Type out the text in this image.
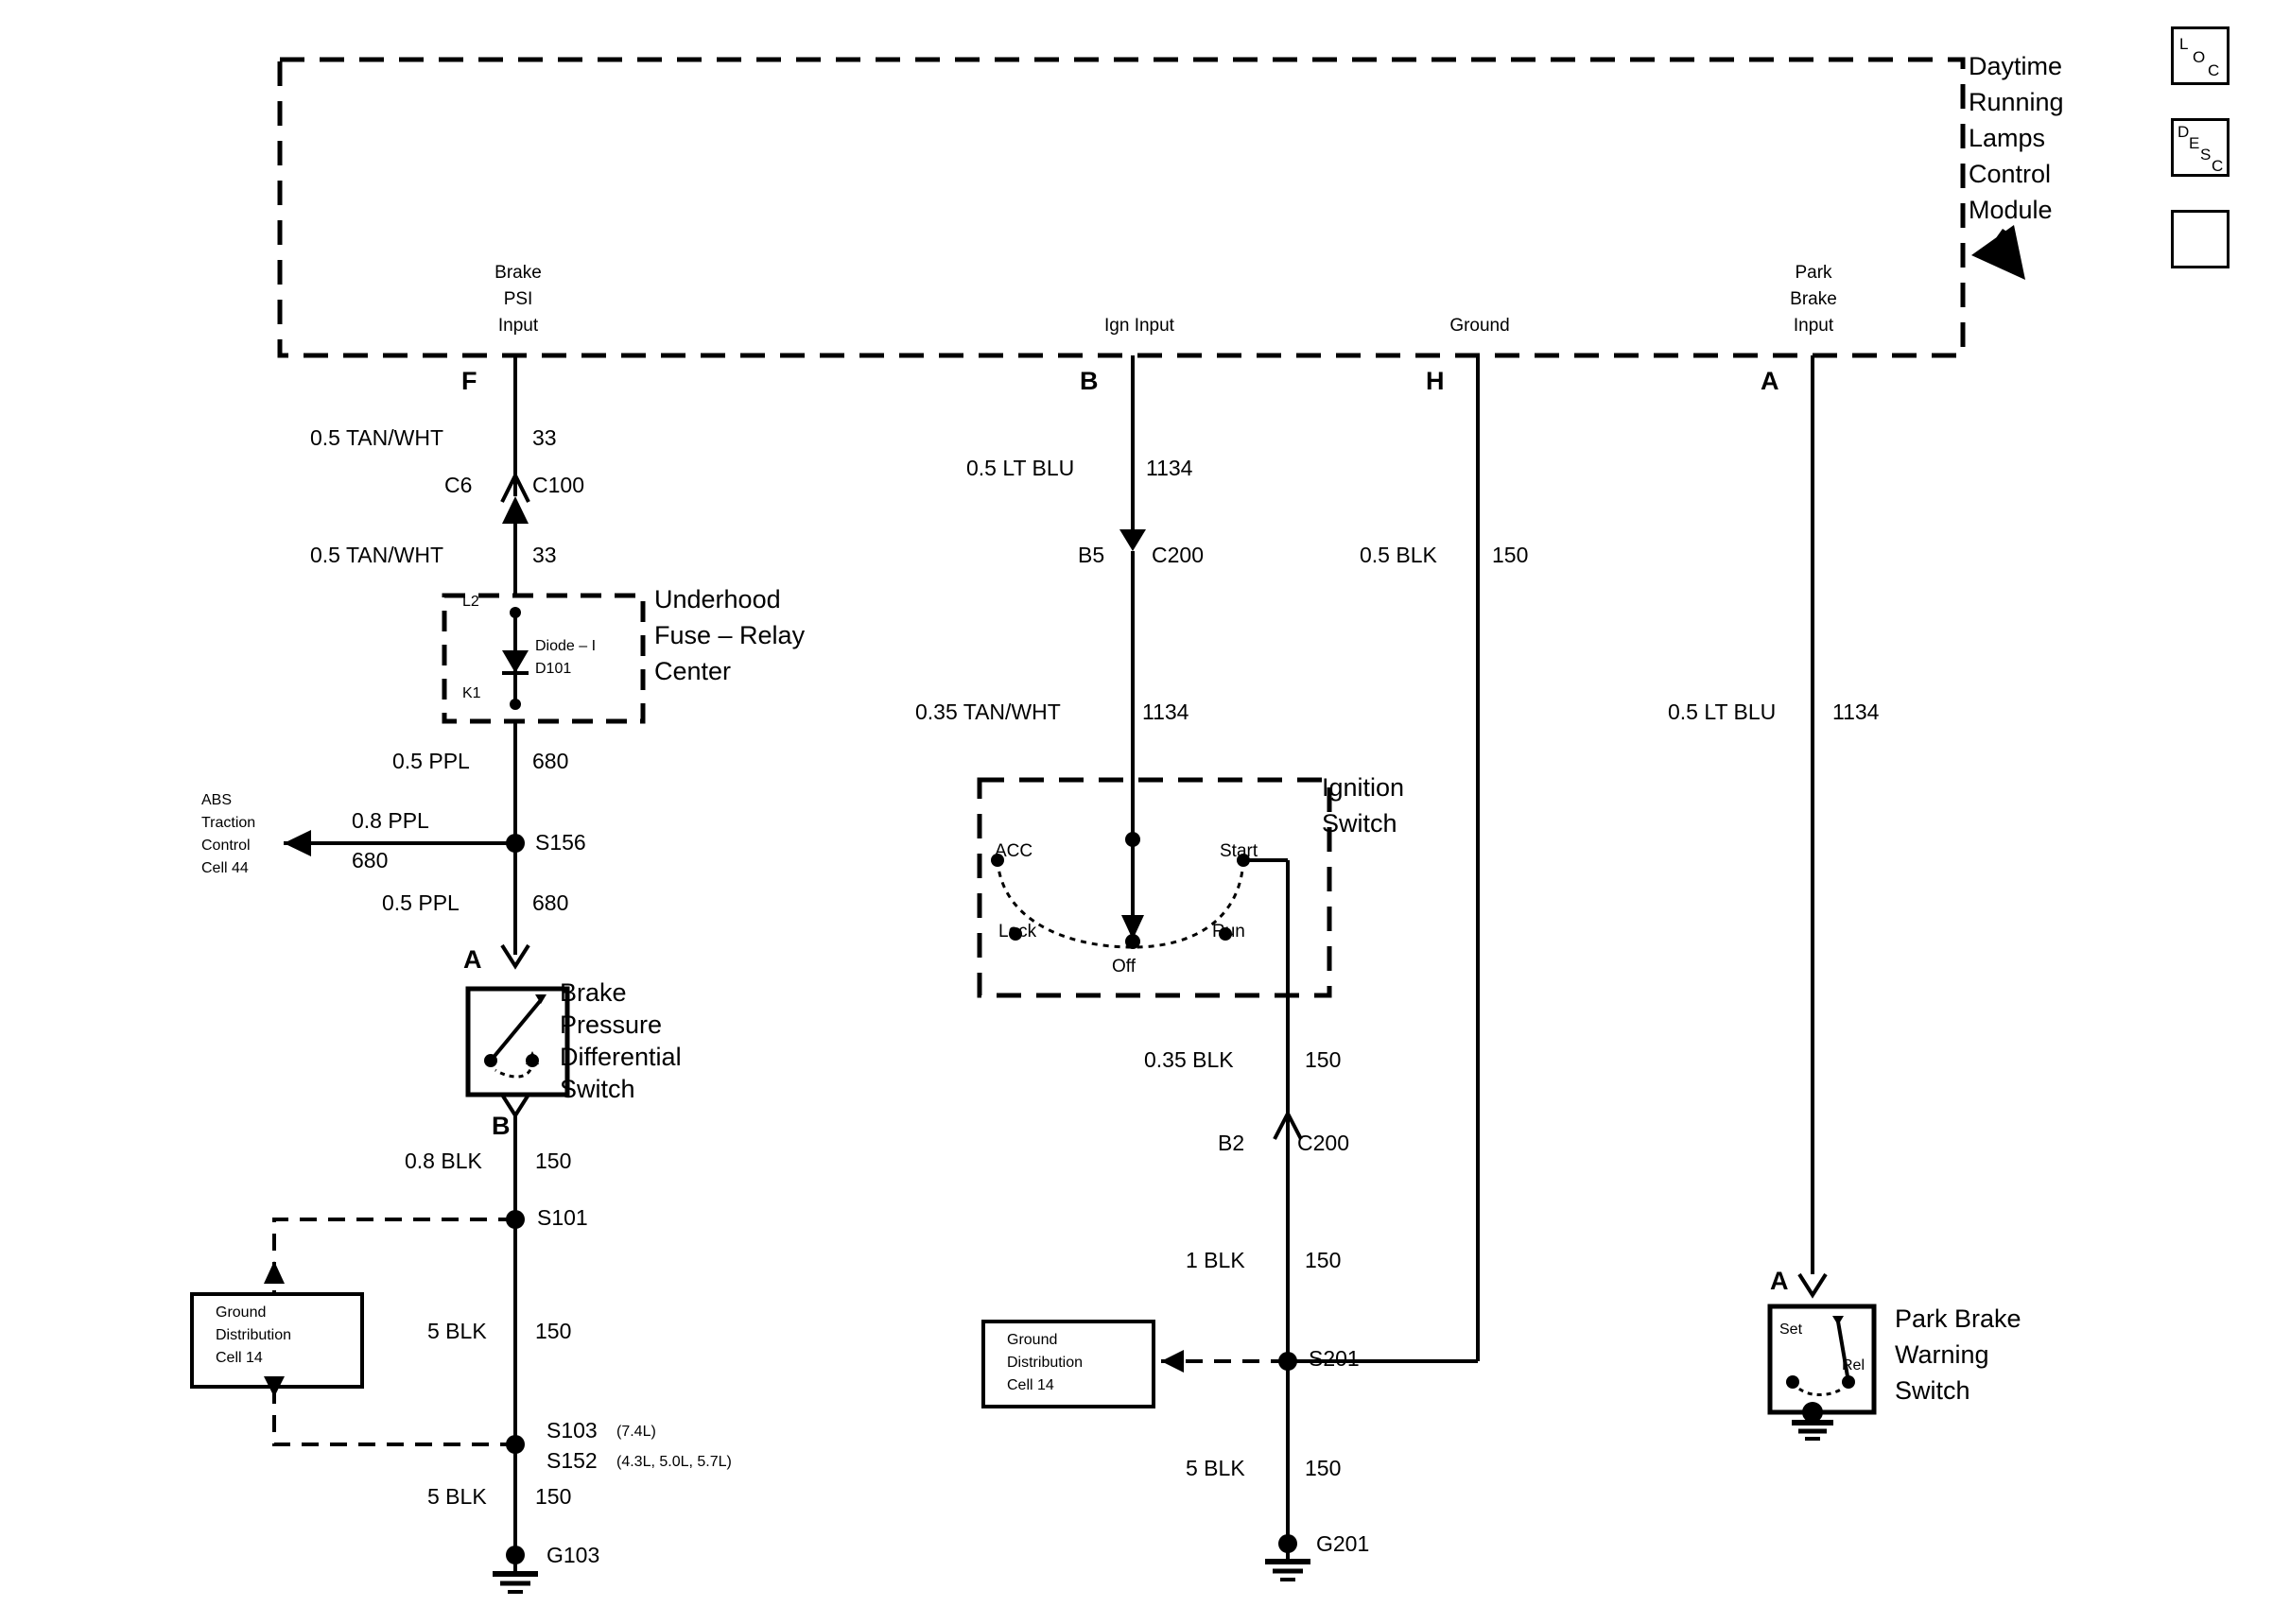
Daytime
Running
Lamps
Control
Module
Brake
PSI
Input
F
Ign Input
B
Ground
H
Park
Brake
Input
A
0.5 TAN/WHT	33
C6	C100
0.5 TAN/WHT	33
L2
K1
Diode – I
D101
Underhood
Fuse – Relay
Center
0.5 PPL	680
0.8 PPL
680
S156
0.5 PPL	680
ABS
Traction
Control
Cell 44
A
B
Brake
Pressure
Differential
Switch
0.8 BLK 150
S101
5 BLK 150
Ground
Distribution
Cell 14
S103 (7.4L)
S152 (4.3L, 5.0L, 5.7L)
5 BLK 150
G103
0.5 LT BLU	1134
B5 C200
0.35 TAN/WHT	1134
Ignition
Switch
ACC	Start
Lock	Run
Off
0.35 BLK	150
B2 C200
1 BLK	150
Ground
Distribution
Cell 14
S201
5 BLK	150
G201
0.5 BLK	150
0.5 LT BLU	1134
A
Set
Rel
Park Brake
Warning
Switch
L
O
C
D
E
S
C
